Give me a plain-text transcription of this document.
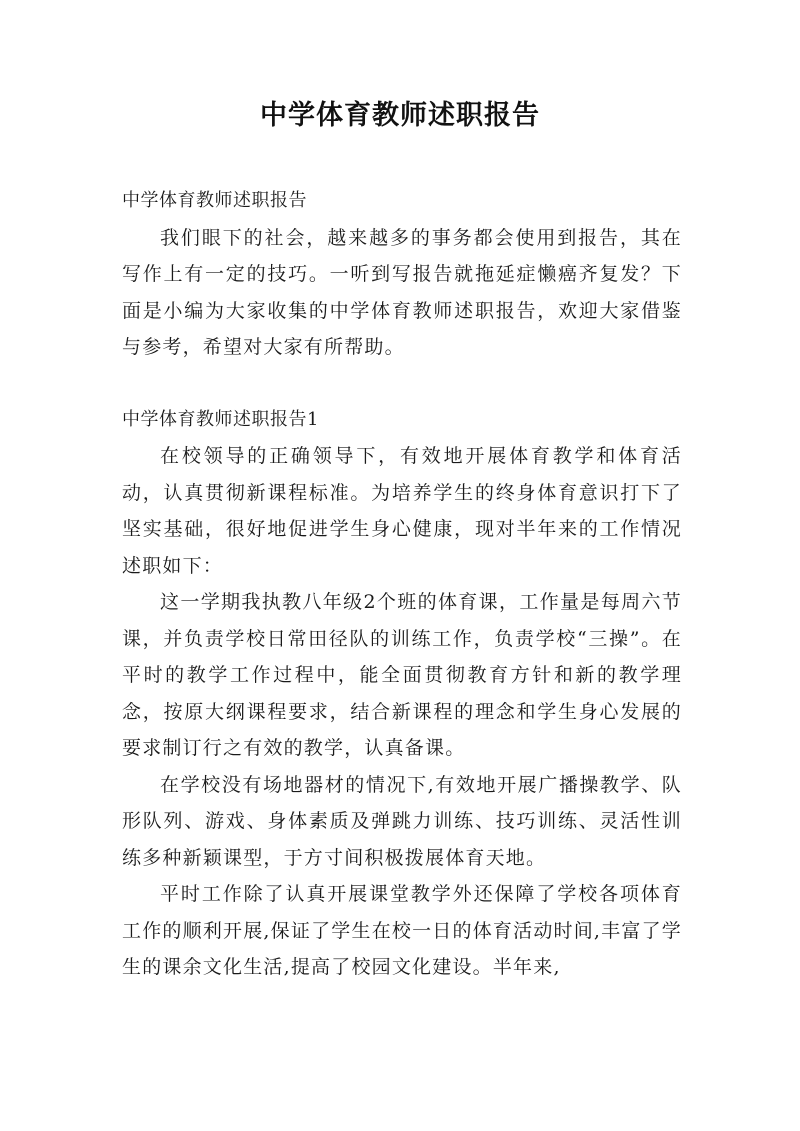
中学体育教师述职报告

中学体育教师述职报告

我们眼下的社会，越来越多的事务都会使用到报告，其在写作上有一定的技巧。一听到写报告就拖延症懒癌齐复发？下面是小编为大家收集的中学体育教师述职报告，欢迎大家借鉴与参考，希望对大家有所帮助。

中学体育教师述职报告1

在校领导的正确领导下，有效地开展体育教学和体育活动，认真贯彻新课程标准。为培养学生的终身体育意识打下了坚实基础，很好地促进学生身心健康，现对半年来的工作情况述职如下：

这一学期我执教八年级2个班的体育课，工作量是每周六节课，并负责学校日常田径队的训练工作，负责学校“三操”。在平时的教学工作过程中，能全面贯彻教育方针和新的教学理念，按原大纲课程要求，结合新课程的理念和学生身心发展的要求制订行之有效的教学，认真备课。

在学校没有场地器材的情况下,有效地开展广播操教学、队形队列、游戏、身体素质及弹跳力训练、技巧训练、灵活性训练多种新颖课型，于方寸间积极拨展体育天地。

平时工作除了认真开展课堂教学外还保障了学校各项体育工作的顺利开展,保证了学生在校一日的体育活动时间,丰富了学生的课余文化生活,提高了校园文化建设。半年来,
